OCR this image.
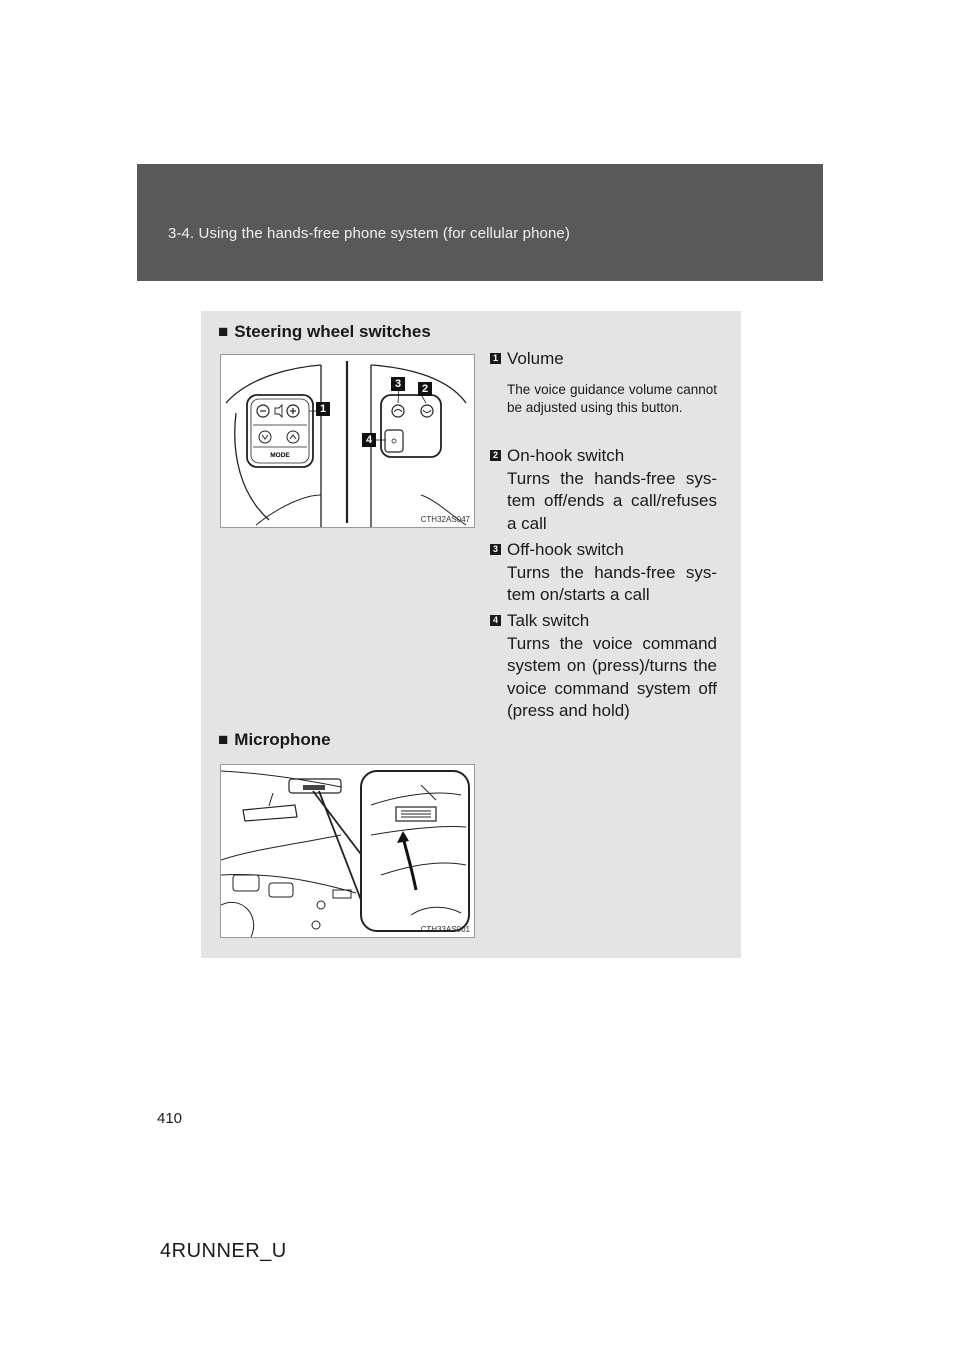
3-4. Using the hands-free phone system (for cellular phone)
■ Steering wheel switches
MODE
1
2
3
4
CTH32AS047
1 Volume
The voice guidance volume cannot be adjusted using this button.
2 On-hook switch
Turns the hands-free sys-tem off/ends a call/refuses a call
3 Off-hook switch
Turns the hands-free sys-tem on/starts a call
4 Talk switch
Turns the voice command system on (press)/turns the voice command system off (press and hold)
■ Microphone
CTH33AS001
410
4RUNNER_U
